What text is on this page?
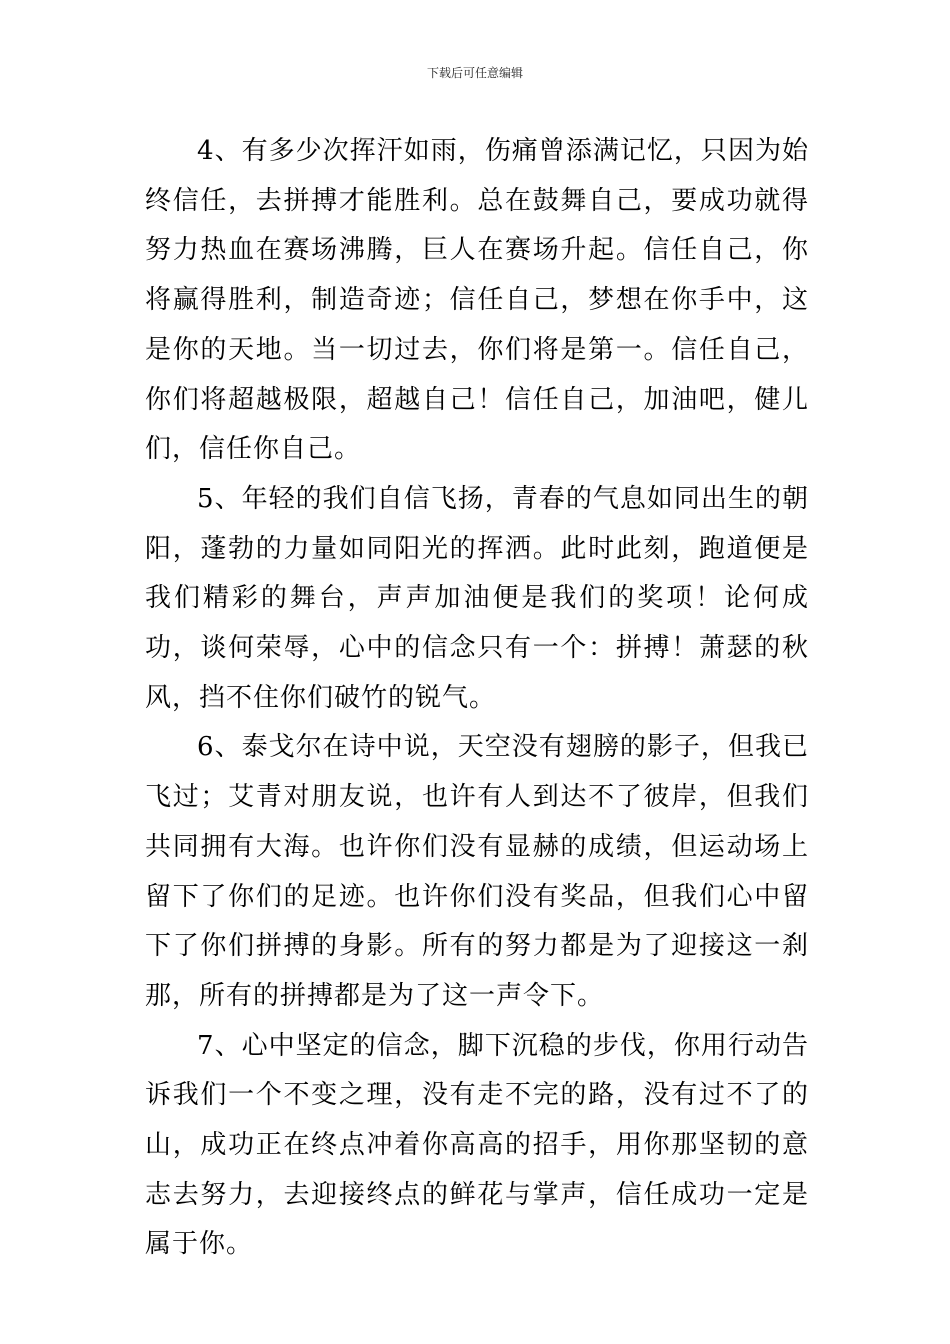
下载后可任意编辑

4、有多少次挥汗如雨，伤痛曾添满记忆，只因为始终信任，去拼搏才能胜利。总在鼓舞自己，要成功就得努力热血在赛场沸腾，巨人在赛场升起。信任自己，你将赢得胜利，制造奇迹；信任自己，梦想在你手中，这是你的天地。当一切过去，你们将是第一。信任自己，你们将超越极限，超越自己！信任自己，加油吧，健儿们，信任你自己。

5、年轻的我们自信飞扬，青春的气息如同出生的朝阳，蓬勃的力量如同阳光的挥洒。此时此刻，跑道便是我们精彩的舞台，声声加油便是我们的奖项！论何成功，谈何荣辱，心中的信念只有一个：拼搏！萧瑟的秋风，挡不住你们破竹的锐气。

6、泰戈尔在诗中说，天空没有翅膀的影子，但我已飞过；艾青对朋友说，也许有人到达不了彼岸，但我们共同拥有大海。也许你们没有显赫的成绩，但运动场上留下了你们的足迹。也许你们没有奖品，但我们心中留下了你们拼搏的身影。所有的努力都是为了迎接这一刹那，所有的拼搏都是为了这一声令下。

7、心中坚定的信念，脚下沉稳的步伐，你用行动告诉我们一个不变之理，没有走不完的路，没有过不了的山，成功正在终点冲着你高高的招手，用你那坚韧的意志去努力，去迎接终点的鲜花与掌声，信任成功一定是属于你。
